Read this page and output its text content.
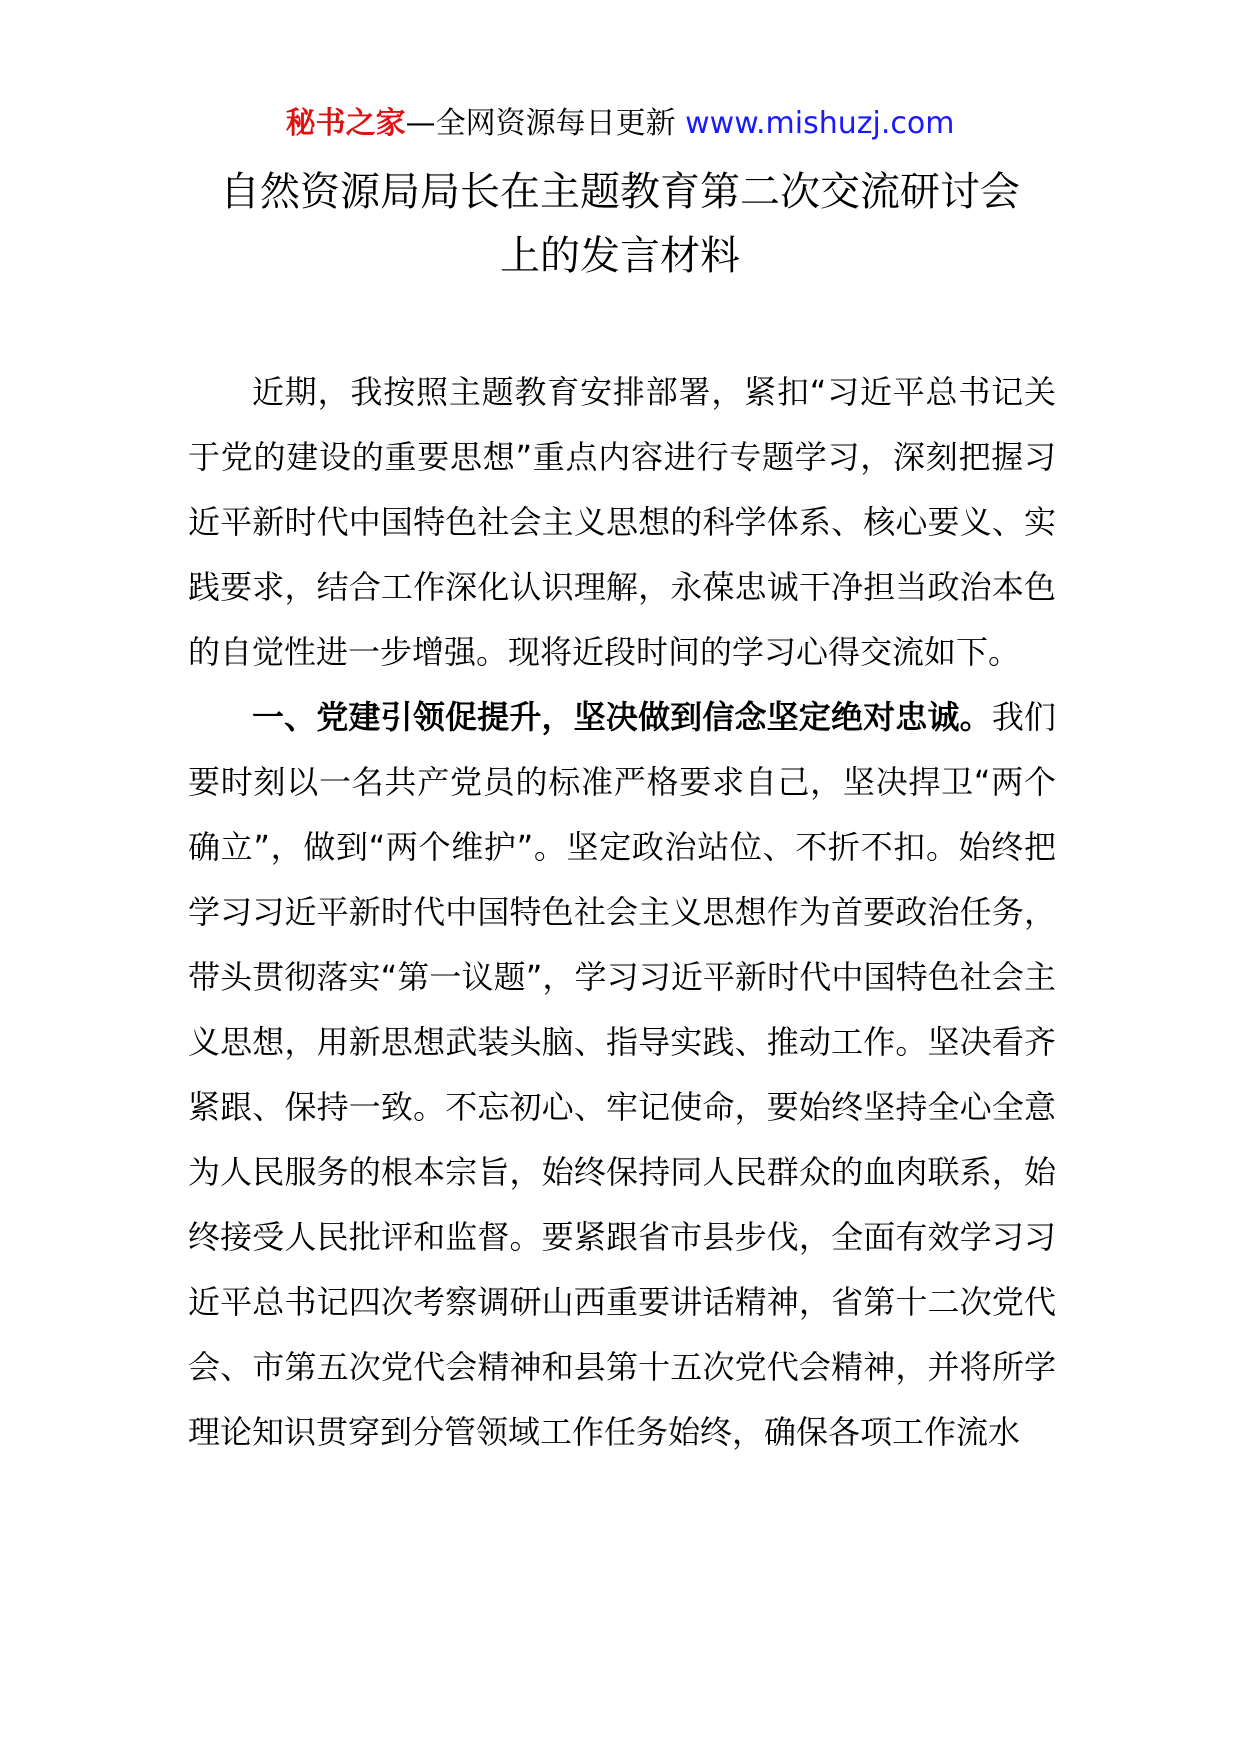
秘书之家—全网资源每日更新 www.mishuzj.com
自然资源局局长在主题教育第二次交流研讨会
上的发言材料

近期，我按照主题教育安排部署，紧扣“习近平总书记关于党的建设的重要思想”重点内容进行专题学习，深刻把握习近平新时代中国特色社会主义思想的科学体系、核心要义、实践要求，结合工作深化认识理解，永葆忠诚干净担当政治本色的自觉性进一步增强。现将近段时间的学习心得交流如下。

一、党建引领促提升，坚决做到信念坚定绝对忠诚。我们要时刻以一名共产党员的标准严格要求自己，坚决捍卫“两个确立”，做到“两个维护”。坚定政治站位、不折不扣。始终把学习习近平新时代中国特色社会主义思想作为首要政治任务，带头贯彻落实“第一议题”，学习习近平新时代中国特色社会主义思想，用新思想武装头脑、指导实践、推动工作。坚决看齐紧跟、保持一致。不忘初心、牢记使命，要始终坚持全心全意为人民服务的根本宗旨，始终保持同人民群众的血肉联系，始终接受人民批评和监督。要紧跟省市县步伐，全面有效学习习近平总书记四次考察调研山西重要讲话精神，省第十二次党代会、市第五次党代会精神和县第十五次党代会精神，并将所学理论知识贯穿到分管领域工作任务始终，确保各项工作流水
